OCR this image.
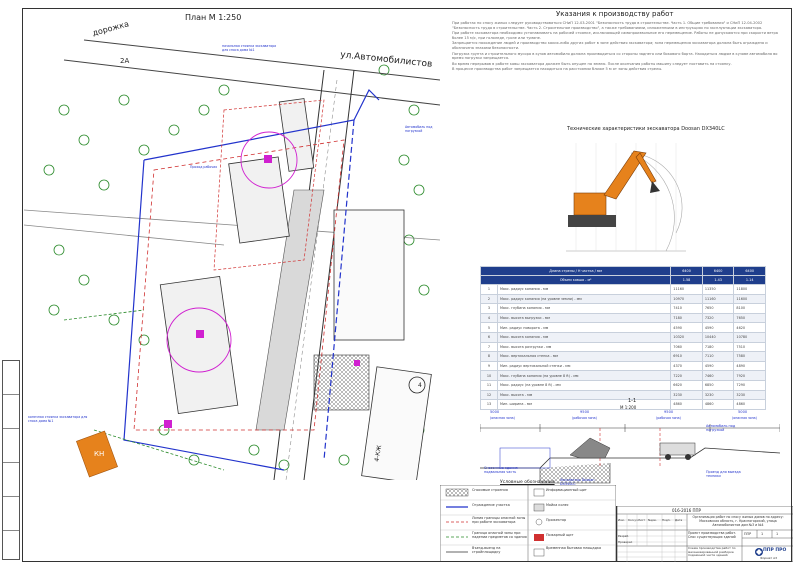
План М 1:250
ул.Автомобилистов
дорожка
2А
4
4-КЖ
КН
начальная стоянка экскаватора для сноса дома №1
Проход рабочих
Автомобиль под погрузкой
конечная стоянка экскаватора для сноса дома №1
Указания к производству работ

При работах по сносу жилых следует руководствоваться СНиП 12-03-2001 "Безопасность труда в строительстве. Часть 1. Общие требования" и СНиП 12-04-2002 "Безопасность труда в строительстве. Часть 2. Строительное производство", а также требованиями, изложенными в инструкциях по эксплуатации экскаватора.

При работе экскаватора необходимо устанавливать на рабочей стоянке, исключающей самопроизвольное его перемещение. Работы не допускаются при скорости ветра более 15 м/с, при гололеде, грозе или тумане.

Запрещается нахождение людей и производство каких-либо других работ в зоне действия экскаватора; зона перемещения экскаватора должна быть ограждена и обозначена знаками безопасности.

Погрузка грунта и строительного мусора в кузов автомобиля должна производиться со стороны заднего или бокового борта. Находиться людям в кузове автомобиля во время погрузки запрещается.

Во время перерывов в работе ковш экскаватора должен быть опущен на землю. После окончания работы машину следует поставить на стоянку.

В процессе производства работ запрещается находиться на расстоянии ближе 5 м от зоны действия стрелы.

Технические характеристики экскаватора Doosan DX340LC
Длина стрелы / Н частка / мм		6400	6400	6400
Объем ковша - м³		1.58	1.43	1.14
1	Макс. радиус копания - мм	11160	11350	11800
2	Макс. радиус копания (на уровне земли) - мм	10970	11160	11600
3	Макс. глубина копания - мм	7410	7650	8100
4	Макс. высота выгрузки - мм	7180	7320	7650
5	Мин. радиус поворота - мм	4590	4590	4620
6	Макс. высота копания - мм	10320	10440	10780
7	Макс. высота разгрузки - мм	7060	7180	7510
8	Макс. вертикальная стенка - мм	6910	7110	7580
9	Мин. радиус вертикальной стенки - мм	4370	4590	4890
10	Макс. глубина копания (на уровне 8 ft) - мм	7220	7460	7920
11	Макс. радиус (на уровне 8 ft) - мм	6620	6850	7290
12	Макс. высота - мм	3230	3230	3230
13	Мин. ширина - мм	4860	4860	4860
1-1
М 1:200
5000
(опасная зона)
9500
(рабочая зона)
9500
(рабочая зона)
5000
(опасная зона)
Снесенные здания подвальная часть
Экскаватор Doosan DX340LC
Автомобиль под погрузкой
Проезд для выезда техники
Условные обозначения
Сносимые строения	Информационный щит
Ограждение участка	Мойка колес
Линия границы опасной зоны при работе экскаватора	Прожектор
Граница опасной зоны при падении предметов со здания	Пожарный щит
Въезд-выезд на стройплощадку
Временная бытовая площадка
016-2016 ППР
Организация работ по сносу жилых домов по адресу: Московская область, г. Красногорский, улица Автомобилистов дом №3 и №4
Проект производства работ. Снос существующих зданий
Схема производства работ по механизированной разборке подземной части зданий
ППР	1	1
ППР ПРО
Формат А3
Изм. Кол.уч Лист №док. Подп. Дата
Разраб.
Проверил
